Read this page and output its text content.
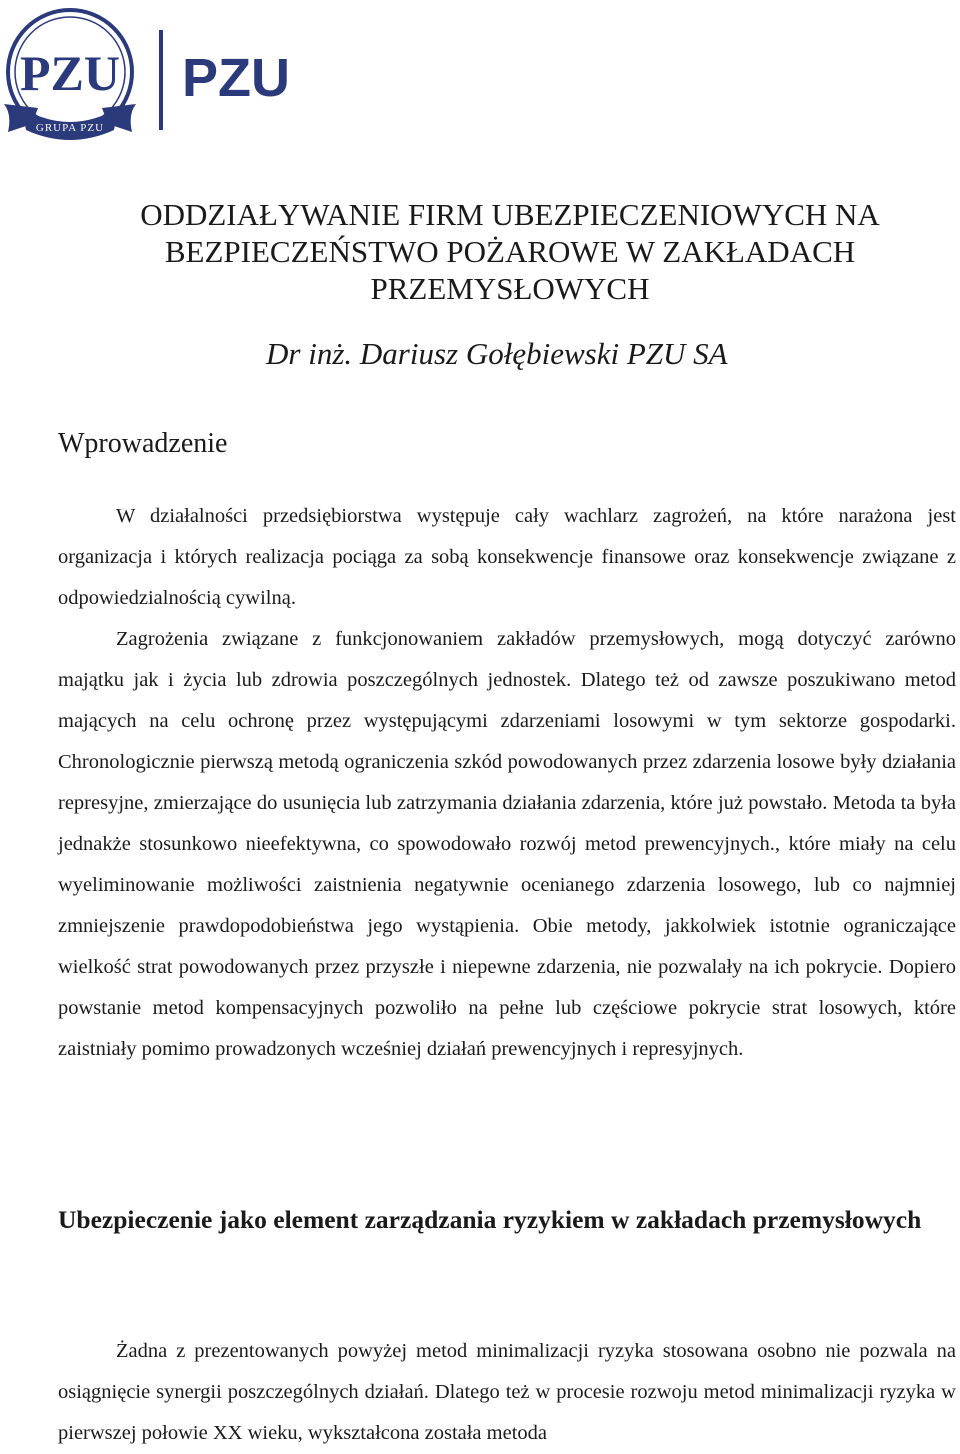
GRUPA PZU
PZU PZU
ODDZIAŁYWANIE FIRM UBEZPIECZENIOWYCH NA
BEZPIECZEŃSTWO POŻAROWE W ZAKŁADACH
PRZEMYSŁOWYCH

Dr inż. Dariusz Gołębiewski PZU SA

Wprowadzenie

W działalności przedsiębiorstwa występuje cały wachlarz zagrożeń, na które narażona jest organizacja i których realizacja pociąga za sobą konsekwencje finansowe oraz konsekwencje związane z odpowiedzialnością cywilną.

Zagrożenia związane z funkcjonowaniem zakładów przemysłowych, mogą dotyczyć zarówno majątku jak i życia lub zdrowia poszczególnych jednostek. Dlatego też od zawsze poszukiwano metod mających na celu ochronę przez występującymi zdarzeniami losowymi w tym sektorze gospodarki. Chronologicznie pierwszą metodą ograniczenia szkód powodowanych przez zdarzenia losowe były działania represyjne, zmierzające do usunięcia lub zatrzymania działania zdarzenia, które już powstało. Metoda ta była jednakże stosunkowo nieefektywna, co spowodowało rozwój metod prewencyjnych., które miały na celu wyeliminowanie możliwości zaistnienia negatywnie ocenianego zdarzenia losowego, lub co najmniej zmniejszenie prawdopodobieństwa jego wystąpienia. Obie metody, jakkolwiek istotnie ograniczające wielkość strat powodowanych przez przyszłe i niepewne zdarzenia, nie pozwalały na ich pokrycie. Dopiero powstanie metod kompensacyjnych pozwoliło na pełne lub częściowe pokrycie strat losowych, które zaistniały pomimo prowadzonych wcześniej działań prewencyjnych i represyjnych.

Ubezpieczenie jako element zarządzania ryzykiem w zakładach przemysłowych

Żadna z prezentowanych powyżej metod minimalizacji ryzyka stosowana osobno nie pozwala na osiągnięcie synergii poszczególnych działań. Dlatego też w procesie rozwoju metod minimalizacji ryzyka w pierwszej połowie XX wieku, wykształcona została metoda
